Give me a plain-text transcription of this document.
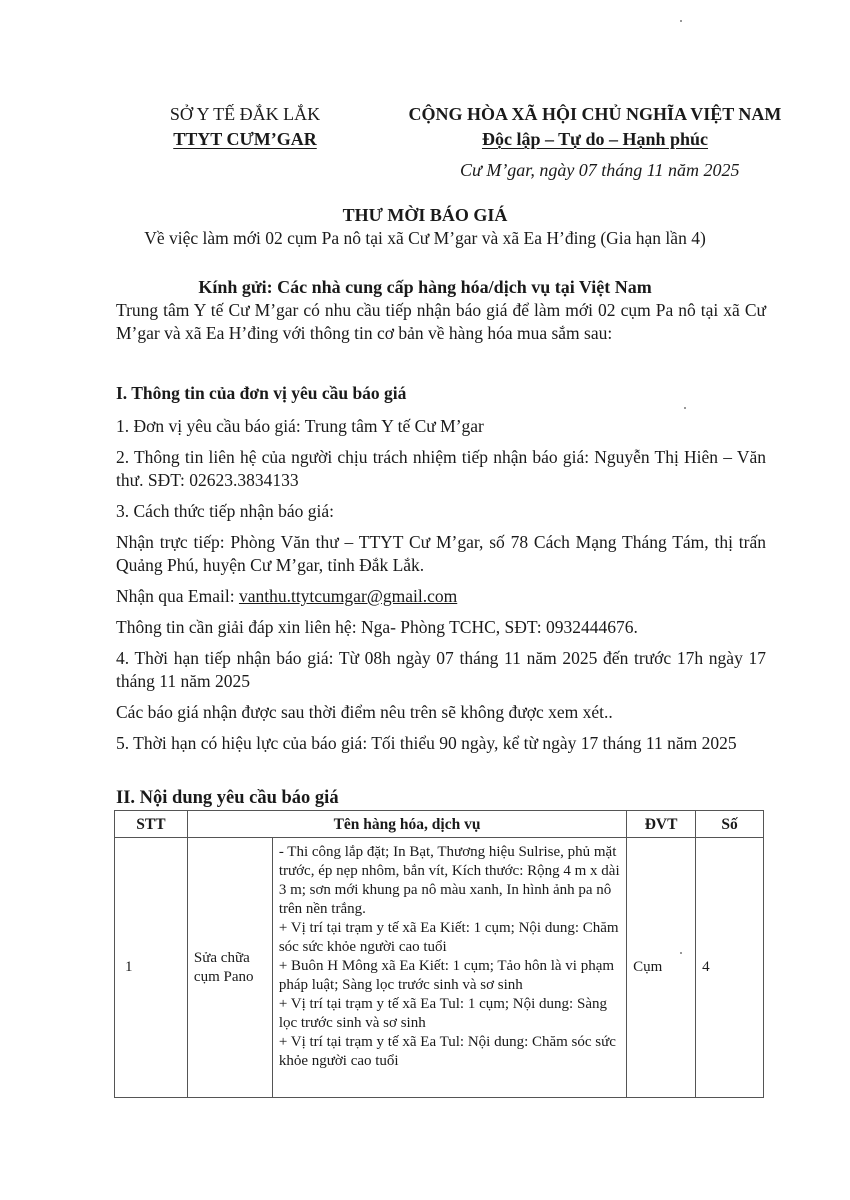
SỞ Y TẾ ĐẮK LẮK
TTYT CƯM’GAR
CỘNG HÒA XÃ HỘI CHỦ NGHĨA VIỆT NAM
Độc lập – Tự do – Hạnh phúc
Cư M’gar, ngày 07 tháng 11 năm 2025
THƯ MỜI BÁO GIÁ
Về việc làm mới 02 cụm Pa nô tại xã Cư M’gar và xã Ea H’đing (Gia hạn lần 4)
Kính gửi: Các nhà cung cấp hàng hóa/dịch vụ tại Việt Nam
Trung tâm Y tế Cư M’gar có nhu cầu tiếp nhận báo giá để làm mới 02 cụm Pa nô tại xã Cư M’gar và xã Ea H’đing với thông tin cơ bản về hàng hóa mua sắm sau:
I. Thông tin của đơn vị yêu cầu báo giá
1. Đơn vị yêu cầu báo giá: Trung tâm Y tế Cư M’gar
2. Thông tin liên hệ của người chịu trách nhiệm tiếp nhận báo giá: Nguyễn Thị Hiên – Văn thư. SĐT: 02623.3834133
3. Cách thức tiếp nhận báo giá:
Nhận trực tiếp: Phòng Văn thư – TTYT Cư M’gar, số 78 Cách Mạng Tháng Tám, thị trấn Quảng Phú, huyện Cư M’gar, tỉnh Đắk Lắk.
Nhận qua Email: vanthu.ttytcumgar@gmail.com
Thông tin cần giải đáp xin liên hệ: Nga- Phòng TCHC, SĐT: 0932444676.
4. Thời hạn tiếp nhận báo giá: Từ 08h ngày 07 tháng 11 năm 2025 đến trước 17h ngày 17 tháng 11 năm 2025
Các báo giá nhận được sau thời điểm nêu trên sẽ không được xem xét..
5. Thời hạn có hiệu lực của báo giá: Tối thiểu 90 ngày, kể từ ngày 17 tháng 11 năm 2025
II. Nội dung yêu cầu báo giá
STT	Tên hàng hóa, dịch vụ		ĐVT	Số
1	Sửa chữa cụm Pano	- Thi công lắp đặt; In Bạt, Thương hiệu Sulrise, phủ mặt trước, ép nẹp nhôm, bắn vít, Kích thước: Rộng 4 m x dài 3 m; sơn mới khung pa nô màu xanh, In hình ảnh pa nô trên nền trắng.
+ Vị trí tại trạm y tế xã Ea Kiết: 1 cụm; Nội dung: Chăm sóc sức khỏe người cao tuổi
+ Buôn H Mông xã Ea Kiết: 1 cụm; Tảo hôn là vi phạm pháp luật; Sàng lọc trước sinh và sơ sinh
+ Vị trí tại trạm y tế xã Ea Tul: 1 cụm; Nội dung: Sàng lọc trước sinh và sơ sinh
+ Vị trí tại trạm y tế xã Ea Tul: Nội dung: Chăm sóc sức khỏe người cao tuổi	Cụm	4
